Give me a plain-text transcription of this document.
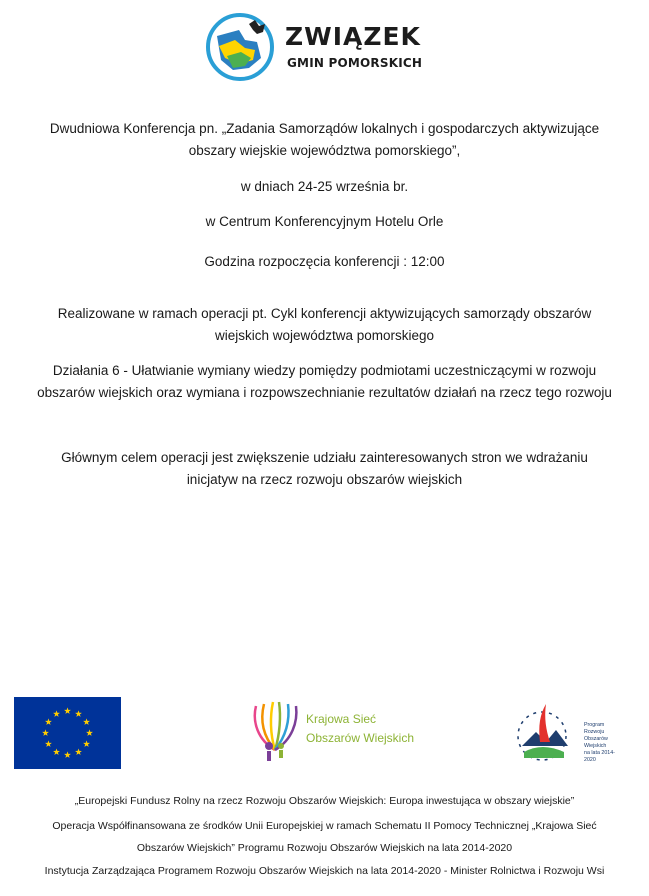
ZWIĄZEK
GMIN POMORSKICH
Dwudniowa Konferencja pn. „Zadania Samorządów lokalnych i gospodarczych aktywizujące
obszary wiejskie województwa pomorskiego”,
w dniach 24-25 września br.
w Centrum Konferencyjnym Hotelu Orle
Godzina rozpoczęcia konferencji : 12:00
Realizowane w ramach operacji pt. Cykl konferencji aktywizujących samorządy obszarów
wiejskich województwa pomorskiego
Działania 6 - Ułatwianie wymiany wiedzy pomiędzy podmiotami uczestniczącymi w rozwoju
obszarów wiejskich oraz wymiana i rozpowszechnianie rezultatów działań na rzecz tego rozwoju
Głównym celem operacji jest zwiększenie udziału zainteresowanych stron we wdrażaniu
inicjatyw na rzecz rozwoju obszarów wiejskich
Krajowa Sieć
Obszarów Wiejskich
Program
Rozwoju
Obszarów
Wiejskich
na lata 2014-2020
„Europejski Fundusz Rolny na rzecz Rozwoju Obszarów Wiejskich: Europa inwestująca w obszary wiejskie”
Operacja Współfinansowana ze środków Unii Europejskiej w ramach Schematu II Pomocy Technicznej „Krajowa Sieć
Obszarów Wiejskich” Programu Rozwoju Obszarów Wiejskich na lata 2014-2020
Instytucja Zarządzająca Programem Rozwoju Obszarów Wiejskich na lata 2014-2020 - Minister Rolnictwa i Rozwoju Wsi
